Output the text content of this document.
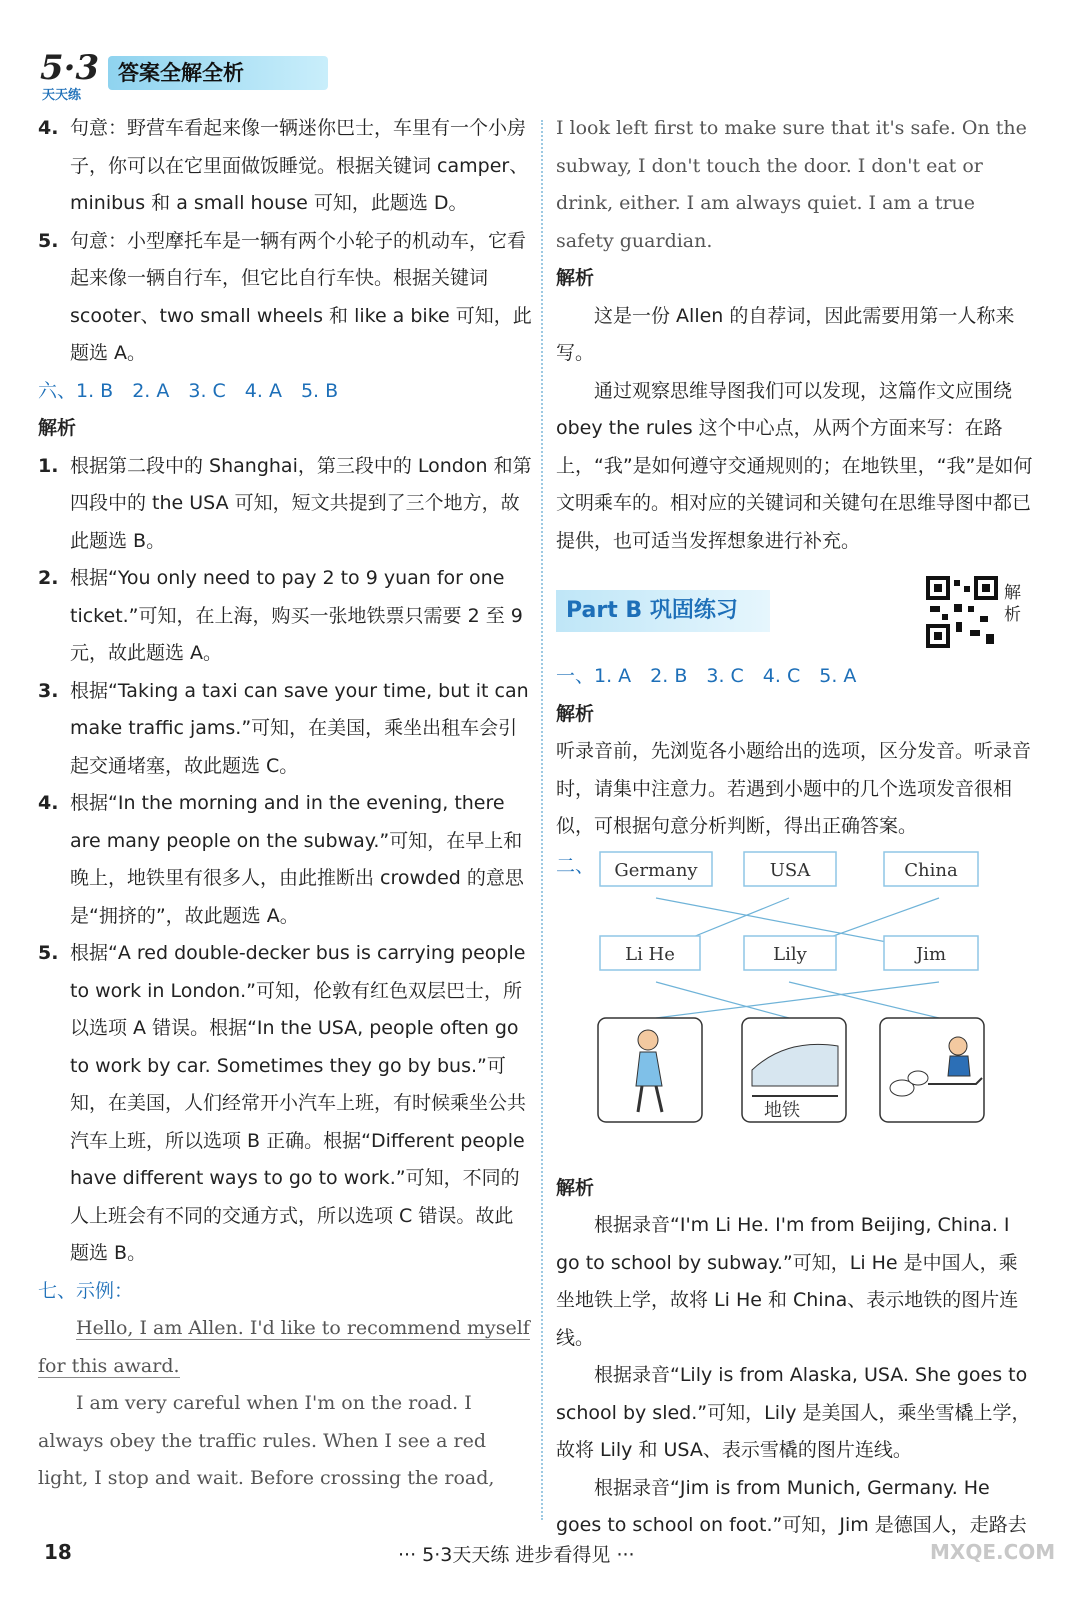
5·3
天天练
答案全解全析
4. 句意：野营车看起来像一辆迷你巴士，车里有一个小房子，你可以在它里面做饭睡觉。根据关键词 camper、minibus 和 a small house 可知，此题选 D。
5. 句意：小型摩托车是一辆有两个小轮子的机动车，它看起来像一辆自行车，但它比自行车快。根据关键词 scooter、two small wheels 和 like a bike 可知，此题选 A。
六、1. B　2. A　3. C　4. A　5. B
解析
1. 根据第二段中的 Shanghai，第三段中的 London 和第四段中的 the USA 可知，短文共提到了三个地方，故此题选 B。
2. 根据“You only need to pay 2 to 9 yuan for one ticket.”可知，在上海，购买一张地铁票只需要 2 至 9 元，故此题选 A。
3. 根据“Taking a taxi can save your time, but it can make traffic jams.”可知，在美国，乘坐出租车会引起交通堵塞，故此题选 C。
4. 根据“In the morning and in the evening, there are many people on the subway.”可知，在早上和晚上，地铁里有很多人，由此推断出 crowded 的意思是“拥挤的”，故此题选 A。
5. 根据“A red double-decker bus is carrying people to work in London.”可知，伦敦有红色双层巴士，所以选项 A 错误。根据“In the USA, people often go to work by car. Sometimes they go by bus.”可知，在美国，人们经常开小汽车上班，有时候乘坐公共汽车上班，所以选项 B 正确。根据“Different people have different ways to go to work.”可知，不同的人上班会有不同的交通方式，所以选项 C 错误。故此题选 B。
七、示例：
Hello, I am Allen. I'd like to recommend myself for this award.
I am very careful when I'm on the road. I always obey the traffic rules. When I see a red light, I stop and wait. Before crossing the road,
I look left first to make sure that it's safe. On the subway, I don't touch the door. I don't eat or drink, either. I am always quiet. I am a true safety guardian.
解析
这是一份 Allen 的自荐词，因此需要用第一人称来写。
通过观察思维导图我们可以发现，这篇作文应围绕 obey the rules 这个中心点，从两个方面来写：在路上，“我”是如何遵守交通规则的；在地铁里，“我”是如何文明乘车的。相对应的关键词和关键句在思维导图中都已提供，也可适当发挥想象进行补充。
Part B 巩固练习
解析
一、1. A　2. B　3. C　4. C　5. A
解析
听录音前，先浏览各小题给出的选项，区分发音。听录音时，请集中注意力。若遇到小题中的几个选项发音很相似，可根据句意分析判断，得出正确答案。
二、 Germany	USA	China
Li He	Lily	Jim
地铁
解析
根据录音“I'm Li He. I'm from Beijing, China. I go to school by subway.”可知，Li He 是中国人，乘坐地铁上学，故将 Li He 和 China、表示地铁的图片连线。
根据录音“Lily is from Alaska, USA. She goes to school by sled.”可知，Lily 是美国人，乘坐雪橇上学，故将 Lily 和 USA、表示雪橇的图片连线。
根据录音“Jim is from Munich, Germany. He goes to school on foot.”可知，Jim 是德国人，走路去
18	··· 5·3天天练 进步看得见 ···	MXQE.COM
